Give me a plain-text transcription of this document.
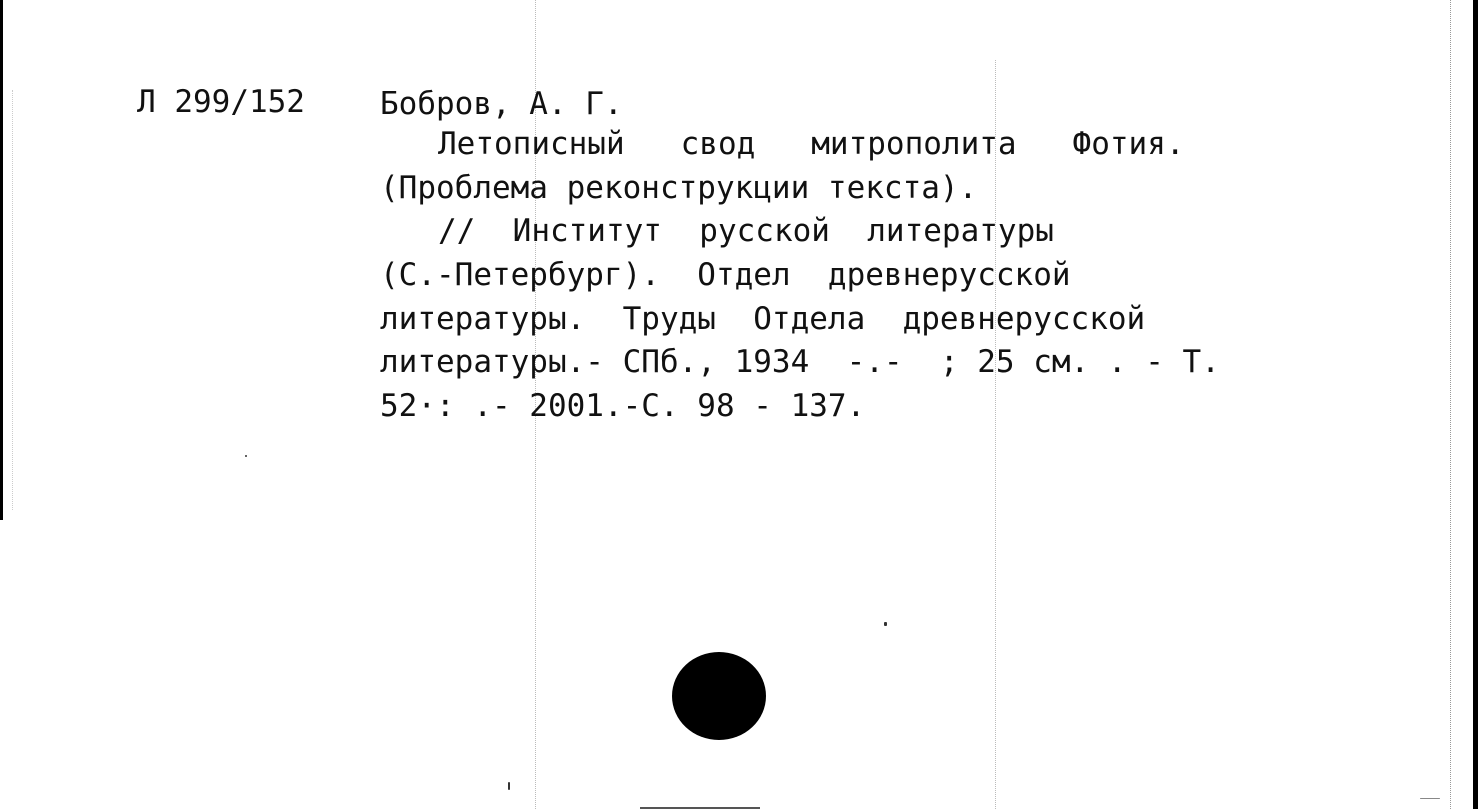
Л 299/152 Бобров, А. Г.
Летописный   свод   митрополита   Фотия.
(Проблема реконструкции текста).
//  Институт  русской  литературы
(С.-Петербург).  Отдел  древнерусской
литературы.  Труды  Отдела  древнерусской
литературы.- СПб., 1934  -.-  ; 25 см. . - Т.
52·: .- 2001.-С. 98 - 137.
